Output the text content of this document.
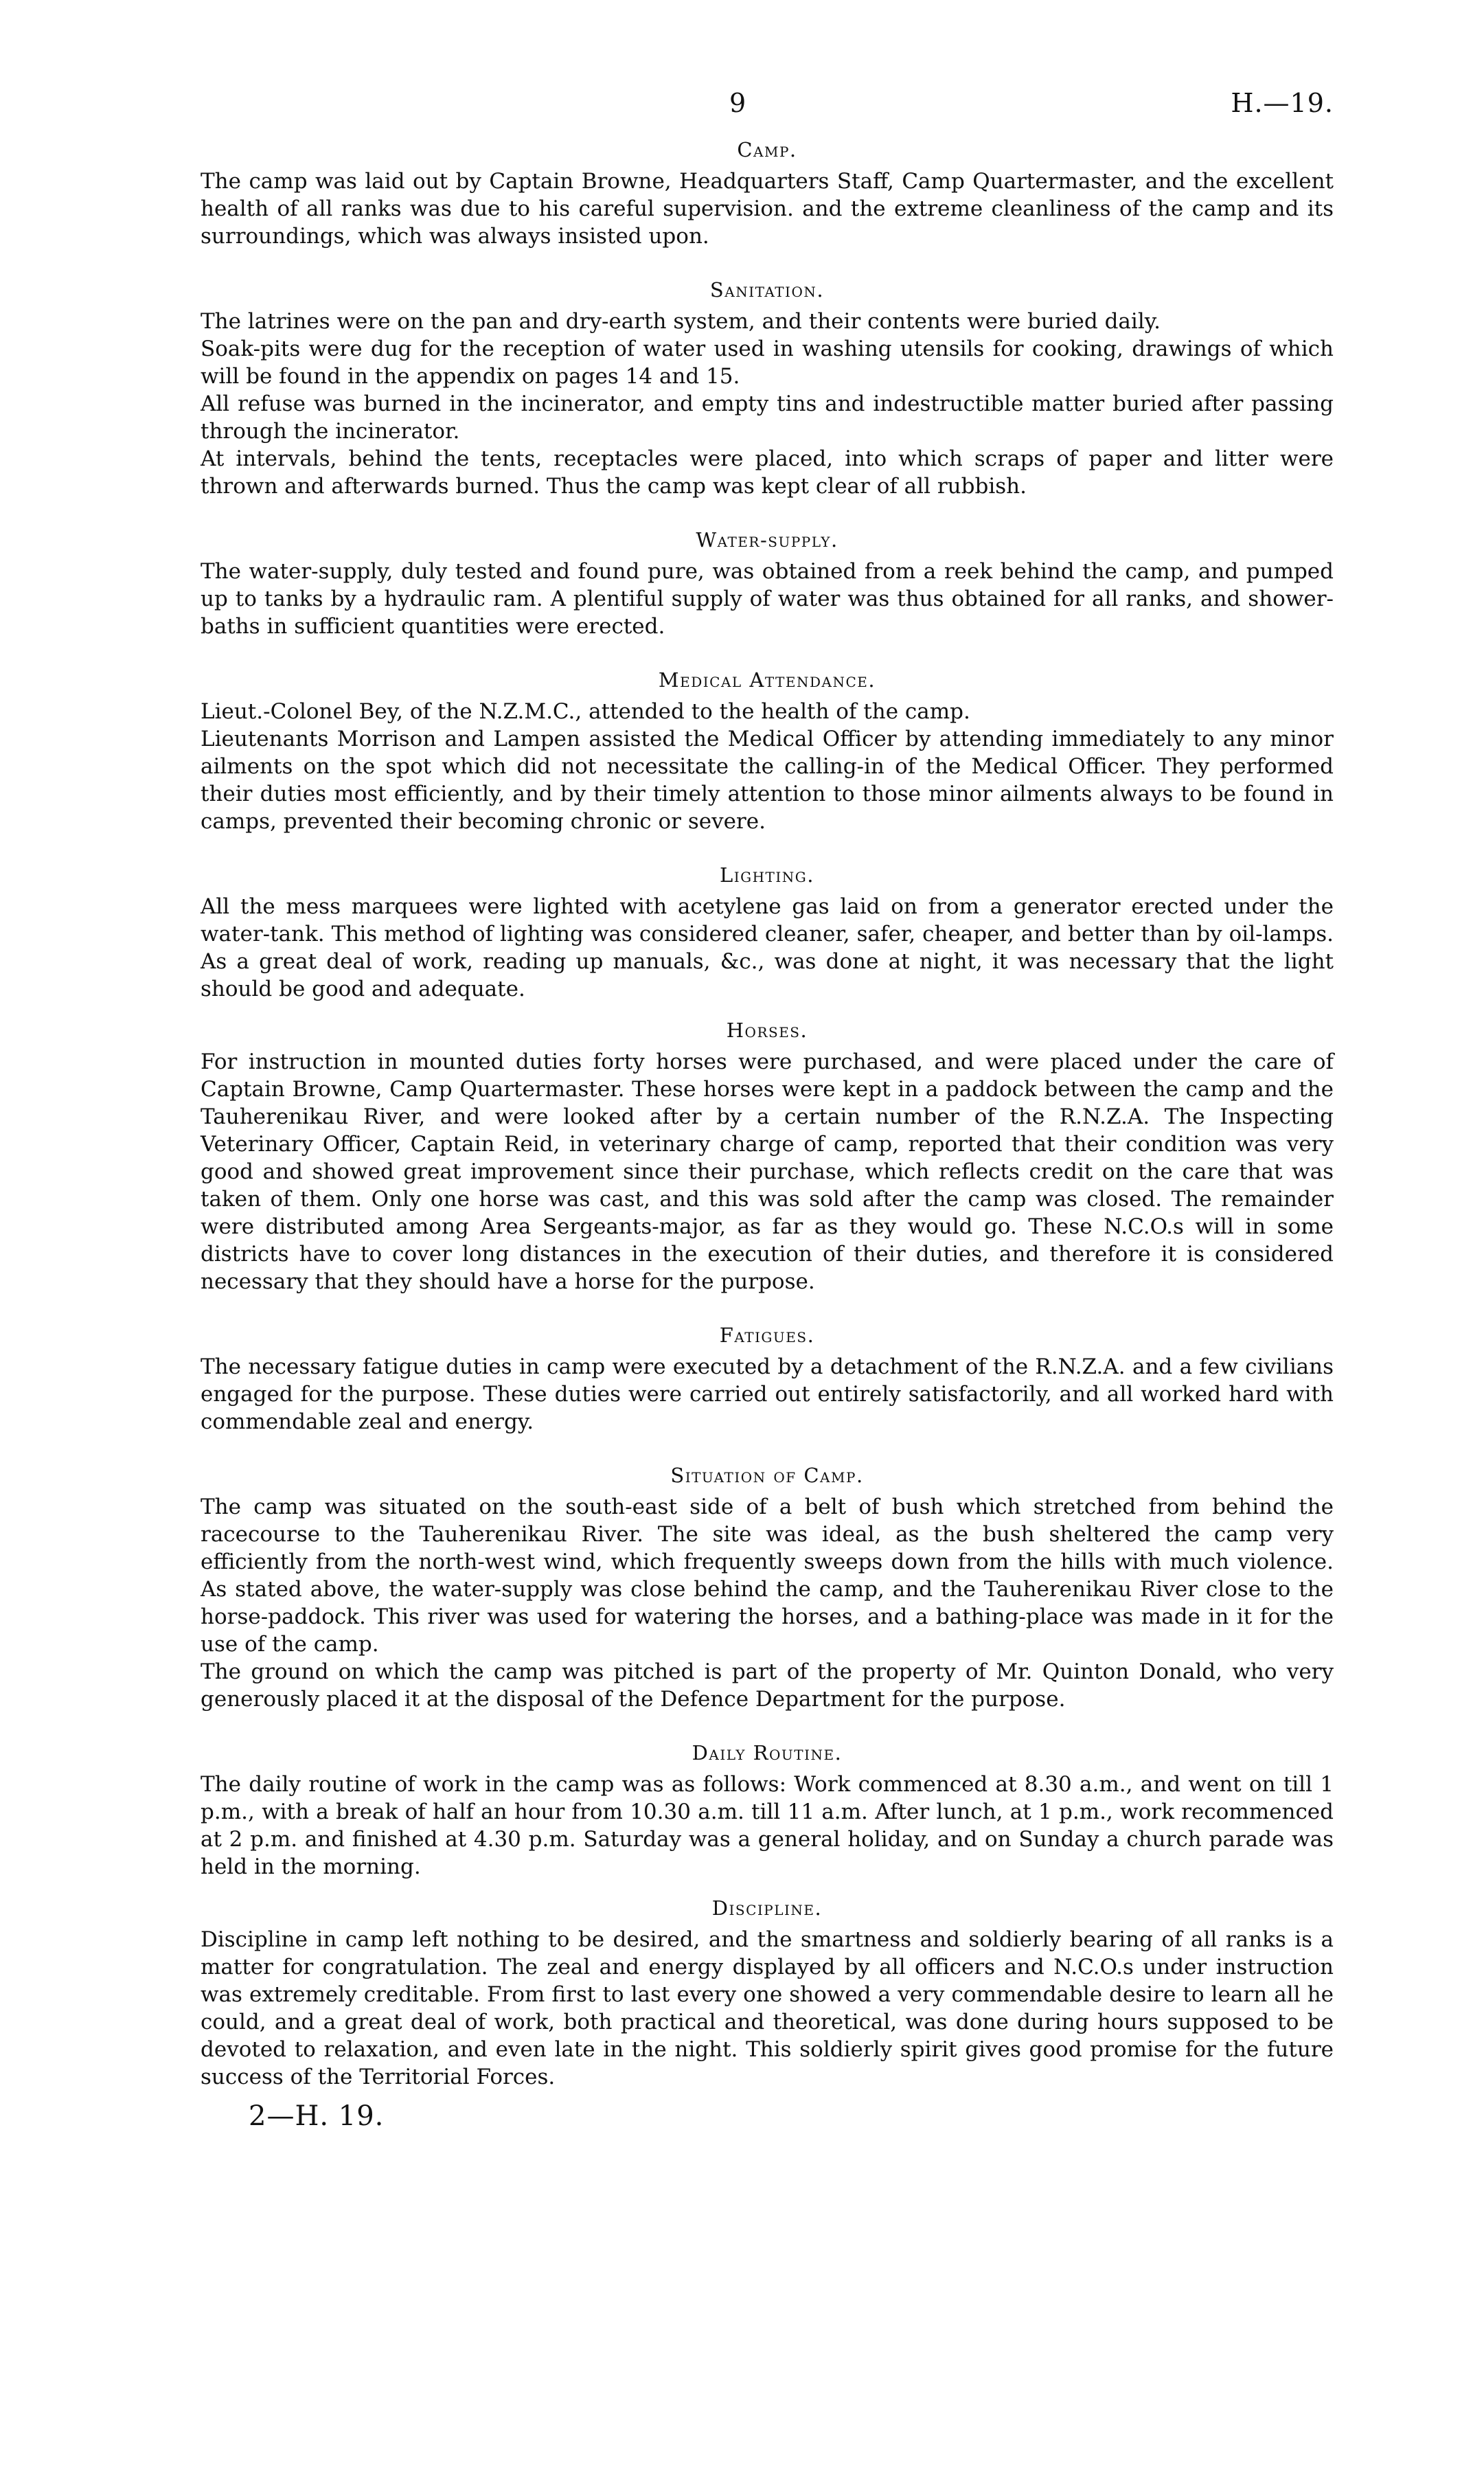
9	H.—19.
Camp.

The camp was laid out by Captain Browne, Headquarters Staff, Camp Quartermaster, and the excellent health of all ranks was due to his careful supervision. and the extreme cleanliness of the camp and its surroundings, which was always insisted upon.

Sanitation.

The latrines were on the pan and dry-earth system, and their contents were buried daily.

Soak-pits were dug for the reception of water used in washing utensils for cooking, drawings of which will be found in the appendix on pages 14 and 15.

All refuse was burned in the incinerator, and empty tins and indestructible matter buried after passing through the incinerator.

At intervals, behind the tents, receptacles were placed, into which scraps of paper and litter were thrown and afterwards burned. Thus the camp was kept clear of all rubbish.

Water-supply.

The water-supply, duly tested and found pure, was obtained from a reek behind the camp, and pumped up to tanks by a hydraulic ram. A plentiful supply of water was thus obtained for all ranks, and shower-baths in sufficient quantities were erected.

Medical Attendance.

Lieut.-Colonel Bey, of the N.Z.M.C., attended to the health of the camp.

Lieutenants Morrison and Lampen assisted the Medical Officer by attending immediately to any minor ailments on the spot which did not necessitate the calling-in of the Medical Officer. They performed their duties most efficiently, and by their timely attention to those minor ailments always to be found in camps, prevented their becoming chronic or severe.

Lighting.

All the mess marquees were lighted with acetylene gas laid on from a generator erected under the water-tank. This method of lighting was considered cleaner, safer, cheaper, and better than by oil-lamps. As a great deal of work, reading up manuals, &c., was done at night, it was necessary that the light should be good and adequate.

Horses.

For instruction in mounted duties forty horses were purchased, and were placed under the care of Captain Browne, Camp Quartermaster. These horses were kept in a paddock between the camp and the Tauherenikau River, and were looked after by a certain number of the R.N.Z.A. The Inspecting Veterinary Officer, Captain Reid, in veterinary charge of camp, reported that their condition was very good and showed great improvement since their purchase, which reflects credit on the care that was taken of them. Only one horse was cast, and this was sold after the camp was closed. The remainder were distributed among Area Sergeants-major, as far as they would go. These N.C.O.s will in some districts have to cover long distances in the execution of their duties, and therefore it is considered necessary that they should have a horse for the purpose.

Fatigues.

The necessary fatigue duties in camp were executed by a detachment of the R.N.Z.A. and a few civilians engaged for the purpose. These duties were carried out entirely satisfactorily, and all worked hard with commendable zeal and energy.

Situation of Camp.

The camp was situated on the south-east side of a belt of bush which stretched from behind the racecourse to the Tauherenikau River. The site was ideal, as the bush sheltered the camp very efficiently from the north-west wind, which frequently sweeps down from the hills with much violence. As stated above, the water-supply was close behind the camp, and the Tauherenikau River close to the horse-paddock. This river was used for watering the horses, and a bathing-place was made in it for the use of the camp.

The ground on which the camp was pitched is part of the property of Mr. Quinton Donald, who very generously placed it at the disposal of the Defence Department for the purpose.

Daily Routine.

The daily routine of work in the camp was as follows: Work commenced at 8.30 a.m., and went on till 1 p.m., with a break of half an hour from 10.30 a.m. till 11 a.m. After lunch, at 1 p.m., work recommenced at 2 p.m. and finished at 4.30 p.m. Saturday was a general holiday, and on Sunday a church parade was held in the morning.

Discipline.

Discipline in camp left nothing to be desired, and the smartness and soldierly bearing of all ranks is a matter for congratulation. The zeal and energy displayed by all officers and N.C.O.s under instruction was extremely creditable. From first to last every one showed a very commendable desire to learn all he could, and a great deal of work, both practical and theoretical, was done during hours supposed to be devoted to relaxation, and even late in the night. This soldierly spirit gives good promise for the future success of the Territorial Forces.

2—H. 19.
